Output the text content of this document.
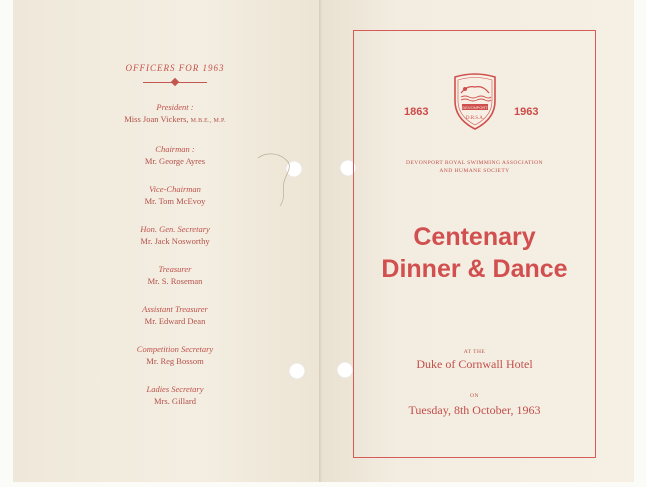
OFFICERS FOR 1963
President :
Miss Joan Vickers, M.B.E., M.P.
Chairman :
Mr. George Ayres
Vice-Chairman
Mr. Tom McEvoy
Hon. Gen. Secretary
Mr. Jack Nosworthy
Treasurer
Mr. S. Roseman
Assistant Treasurer
Mr. Edward Dean
Competition Secretary
Mr. Reg Bossom
Ladies Secretary
Mrs. Gillard
1863	1963
DEVONPORT
D.R.S.A.
DEVONPORT ROYAL SWIMMING ASSOCIATION
AND HUMANE SOCIETY
Centenary
Dinner & Dance
AT THE
Duke of Cornwall Hotel
ON
Tuesday, 8th October, 1963
